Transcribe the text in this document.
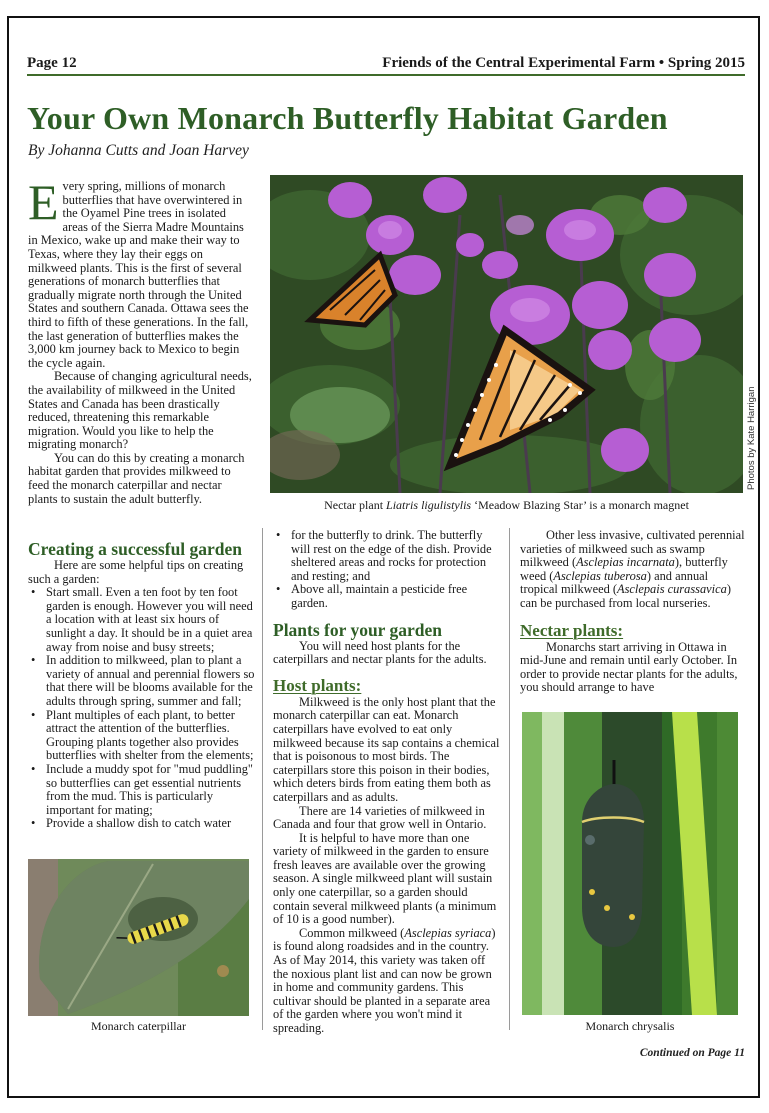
Page 12	Friends of the Central Experimental Farm • Spring 2015
Your Own Monarch Butterfly Habitat Garden
By Johanna Cutts and Joan Harvey

Every spring, millions of monarch butterflies that have overwintered in the Oyamel Pine trees in isolated areas of the Sierra Madre Mountains in Mexico, wake up and make their way to Texas, where they lay their eggs on milkweed plants. This is the first of several generations of monarch butterflies that gradually migrate north through the United States and southern Canada. Ottawa sees the third to fifth of these generations. In the fall, the last generation of butterflies makes the 3,000 km journey back to Mexico to begin the cycle again.

Because of changing agricultural needs, the availability of milkweed in the United States and Canada has been drastically reduced, threatening this remarkable migration. Would you like to help the migrating monarch?

You can do this by creating a monarch habitat garden that provides milkweed to feed the monarch caterpillar and nectar plants to sustain the adult butterfly.

Photos by Kate Harrigan
Nectar plant Liatris ligulistylis ‘Meadow Blazing Star’ is a monarch magnet
Creating a successful garden

Here are some helpful tips on creating such a garden:

• Start small. Even a ten foot by ten foot garden is enough. However you will need a location with at least six hours of sunlight a day. It should be in a quiet area away from noise and busy streets;
• In addition to milkweed, plan to plant a variety of annual and perennial flowers so that there will be blooms available for the adults through spring, summer and fall;
• Plant multiples of each plant, to better attract the attention of the butterflies. Grouping plants together also provides butterflies with shelter from the elements;
• Include a muddy spot for "mud puddling" so butterflies can get essential nutrients from the mud. This is particularly important for mating;
• Provide a shallow dish to catch water
Monarch caterpillar
• for the butterfly to drink. The butterfly will rest on the edge of the dish. Provide sheltered areas and rocks for protection and resting; and
• Above all, maintain a pesticide free garden.
Plants for your garden

You will need host plants for the caterpillars and nectar plants for the adults.

Host plants:

Milkweed is the only host plant that the monarch caterpillar can eat. Monarch caterpillars have evolved to eat only milkweed because its sap contains a chemical that is poisonous to most birds. The caterpillars store this poison in their bodies, which deters birds from eating them both as caterpillars and as adults.

There are 14 varieties of milkweed in Canada and four that grow well in Ontario.

It is helpful to have more than one variety of milkweed in the garden to ensure fresh leaves are available over the growing season. A single milkweed plant will sustain only one caterpillar, so a garden should contain several milkweed plants (a minimum of 10 is a good number).

Common milkweed (Asclepias syriaca) is found along roadsides and in the country. As of May 2014, this variety was taken off the noxious plant list and can now be grown in home and community gardens. This cultivar should be planted in a separate area of the garden where you won't mind it spreading.

Other less invasive, cultivated perennial varieties of milkweed such as swamp milkweed (Asclepias incarnata), butterfly weed (Asclepias tuberosa) and annual tropical milkweed (Asclepais curassavica) can be purchased from local nurseries.

Nectar plants:

Monarchs start arriving in Ottawa in mid-June and remain until early October. In order to provide nectar plants for the adults, you should arrange to have

Monarch chrysalis
Continued on Page 11
